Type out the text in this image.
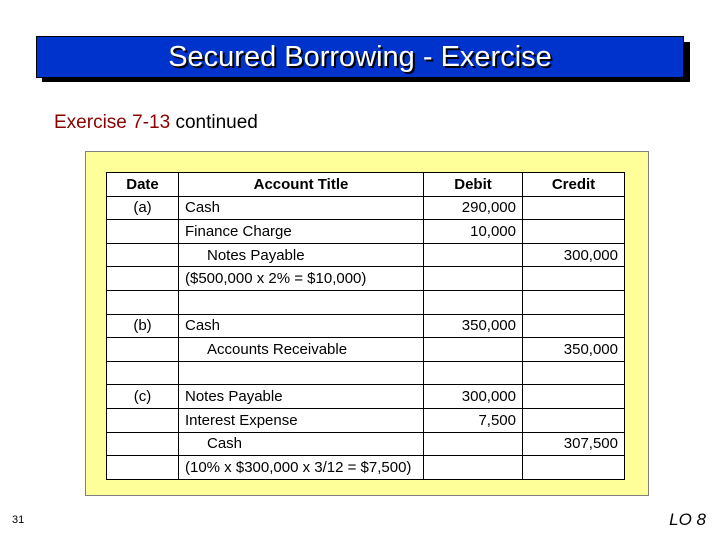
Secured Borrowing - Exercise
Exercise 7-13 continued
Date	Account Title	Debit	Credit
(a)	Cash	290,000	
	Finance Charge	10,000	
	Notes Payable		300,000
	($500,000 x 2% = $10,000)		

(b)	Cash	350,000	
	Accounts Receivable		350,000

(c)	Notes Payable	300,000	
	Interest Expense	7,500	
	Cash		307,500
	(10% x $300,000 x 3/12 = $7,500)		
31	LO 8
